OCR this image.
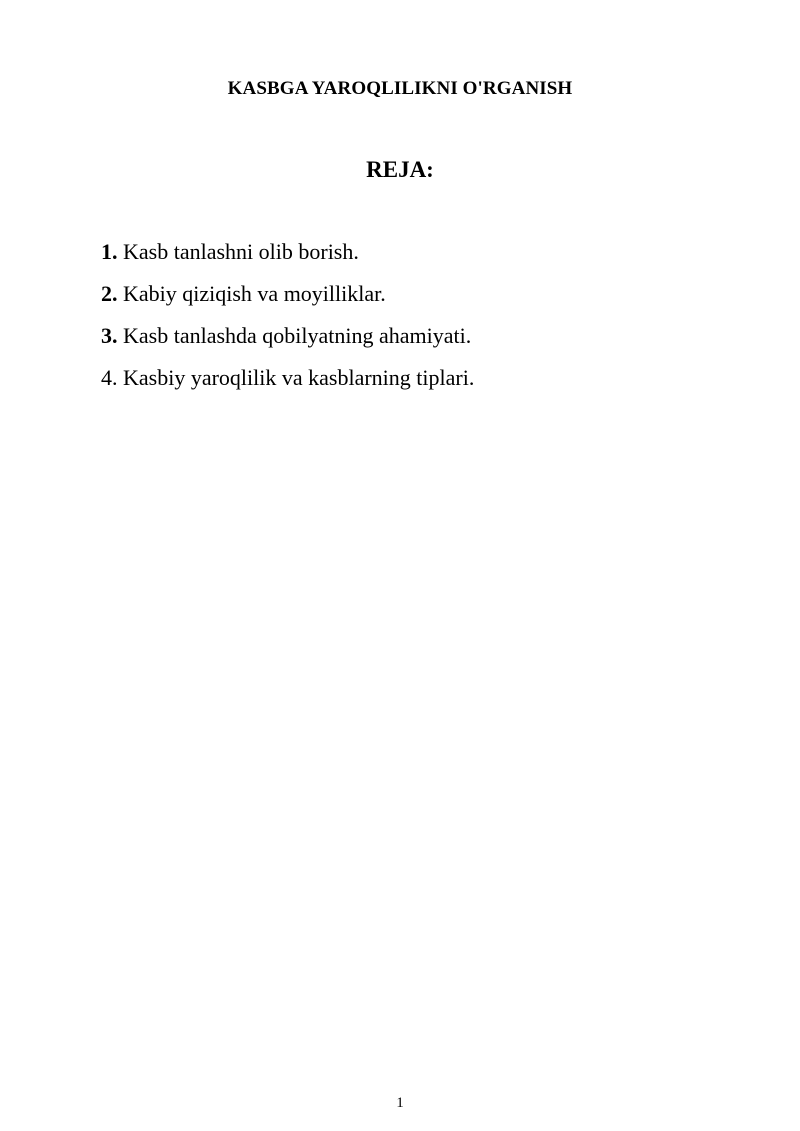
KASBGA YAROQLILIKNI O'RGANISH
REJA:
1. Kasb tanlashni olib borish.
2. Kabiy qiziqish va moyilliklar.
3. Kasb tanlashda qobilyatning ahamiyati.
4. Kasbiy yaroqlilik va kasblarning tiplari.
1
